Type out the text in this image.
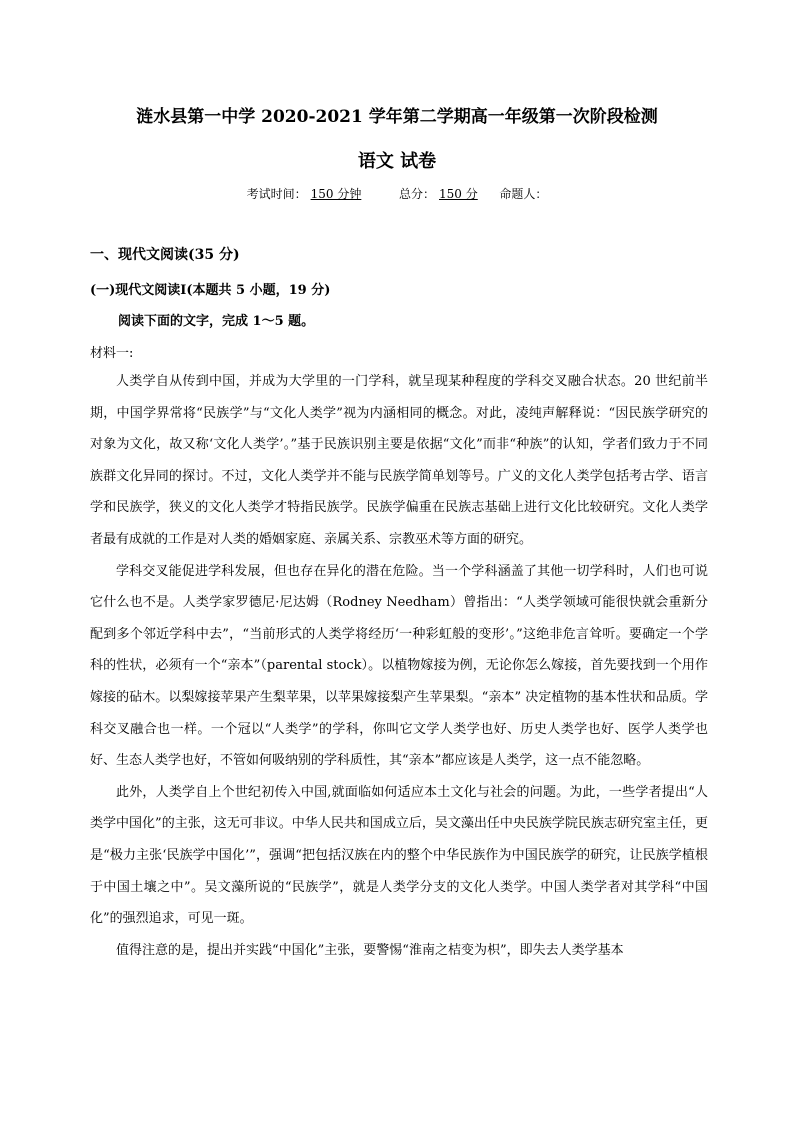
涟水县第一中学 2020-2021 学年第二学期高一年级第一次阶段检测
语文 试卷
考试时间： 150 分钟	总分： 150 分 命题人：
一、现代文阅读(35 分)
(一)现代文阅读Ⅰ(本题共 5 小题，19 分)
阅读下面的文字，完成 1～5 题。
材料一:

人类学自从传到中国，并成为大学里的一门学科，就呈现某种程度的学科交叉融合状态。20 世纪前半期，中国学界常将“民族学”与“文化人类学”视为内涵相同的概念。对此，凌纯声解释说：“因民族学研究的对象为文化，故又称‘文化人类学’。”基于民族识别主要是依据“文化”而非“种族”的认知，学者们致力于不同族群文化异同的探讨。不过，文化人类学并不能与民族学简单划等号。广义的文化人类学包括考古学、语言学和民族学，狭义的文化人类学才特指民族学。民族学偏重在民族志基础上进行文化比较研究。文化人类学者最有成就的工作是对人类的婚姻家庭、亲属关系、宗教巫术等方面的研究。

学科交叉能促进学科发展，但也存在异化的潜在危险。当一个学科涵盖了其他一切学科时，人们也可说它什么也不是。人类学家罗德尼·尼达姆（Rodney Needham）曾指出：“人类学领域可能很快就会重新分配到多个邻近学科中去”，“当前形式的人类学将经历‘一种彩虹般的变形’。”这绝非危言耸听。要确定一个学科的性状，必须有一个“亲本”（parental stock）。以植物嫁接为例，无论你怎么嫁接，首先要找到一个用作嫁接的砧木。以梨嫁接苹果产生梨苹果，以苹果嫁接梨产生苹果梨。“亲本” 决定植物的基本性状和品质。学科交叉融合也一样。一个冠以“人类学”的学科，你叫它文学人类学也好、历史人类学也好、医学人类学也好、生态人类学也好，不管如何吸纳别的学科质性，其“亲本”都应该是人类学，这一点不能忽略。

此外，人类学自上个世纪初传入中国,就面临如何适应本土文化与社会的问题。为此，一些学者提出“人类学中国化”的主张，这无可非议。中华人民共和国成立后，吴文藻出任中央民族学院民族志研究室主任，更是“极力主张‘民族学中国化’”，强调“把包括汉族在内的整个中华民族作为中国民族学的研究，让民族学植根于中国土壤之中”。吴文藻所说的“民族学”，就是人类学分支的文化人类学。中国人类学者对其学科“中国化”的强烈追求，可见一斑。

值得注意的是，提出并实践“中国化”主张，要警惕“淮南之桔变为枳”，即失去人类学基本
